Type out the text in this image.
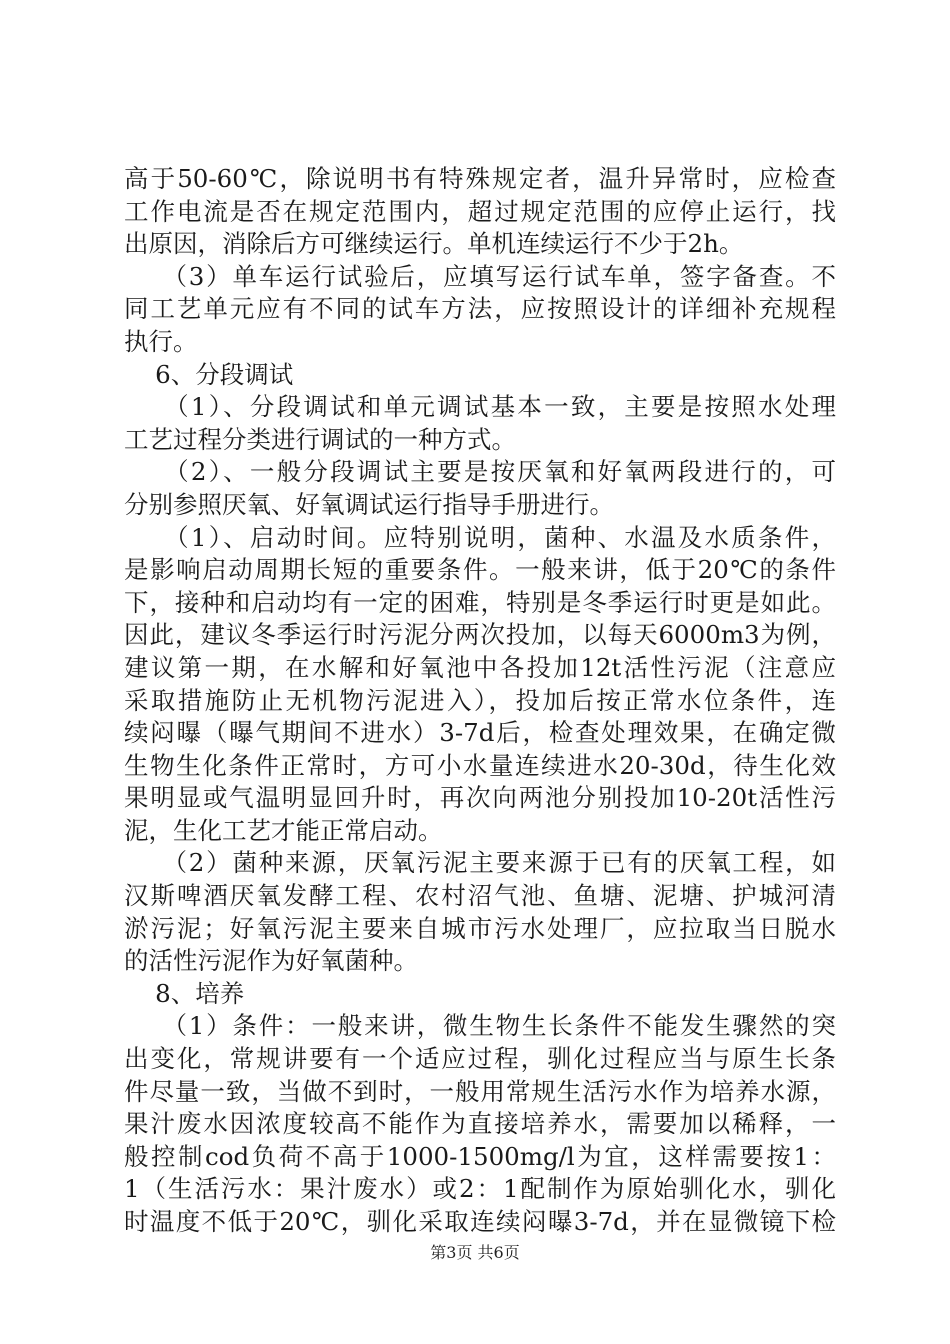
高于50-60℃，除说明书有特殊规定者，温升异常时，应检查
工作电流是否在规定范围内，超过规定范围的应停止运行，找
出原因，消除后方可继续运行。单机连续运行不少于2h。
（3）单车运行试验后，应填写运行试车单，签字备查。不
同工艺单元应有不同的试车方法，应按照设计的详细补充规程
执行。
6、分段调试
（1）、分段调试和单元调试基本一致，主要是按照水处理
工艺过程分类进行调试的一种方式。
（2）、一般分段调试主要是按厌氧和好氧两段进行的，可
分别参照厌氧、好氧调试运行指导手册进行。
（1）、启动时间。应特别说明，菌种、水温及水质条件，
是影响启动周期长短的重要条件。一般来讲，低于20℃的条件
下，接种和启动均有一定的困难，特别是冬季运行时更是如此。
因此，建议冬季运行时污泥分两次投加，以每天6000m3为例，
建议第一期，在水解和好氧池中各投加12t活性污泥（注意应
采取措施防止无机物污泥进入），投加后按正常水位条件，连
续闷曝（曝气期间不进水）3-7d后，检查处理效果，在确定微
生物生化条件正常时，方可小水量连续进水20-30d，待生化效
果明显或气温明显回升时，再次向两池分别投加10-20t活性污
泥，生化工艺才能正常启动。
（2）菌种来源，厌氧污泥主要来源于已有的厌氧工程，如
汉斯啤酒厌氧发酵工程、农村沼气池、鱼塘、泥塘、护城河清
淤污泥；好氧污泥主要来自城市污水处理厂，应拉取当日脱水
的活性污泥作为好氧菌种。
8、培养
（1）条件：一般来讲，微生物生长条件不能发生骤然的突
出变化，常规讲要有一个适应过程，驯化过程应当与原生长条
件尽量一致，当做不到时，一般用常规生活污水作为培养水源，
果汁废水因浓度较高不能作为直接培养水，需要加以稀释，一
般控制cod负荷不高于1000-1500mg/l为宜，这样需要按1：
1（生活污水：果汁废水）或2：1配制作为原始驯化水，驯化
时温度不低于20℃，驯化采取连续闷曝3-7d，并在显微镜下检
第3页 共6页
